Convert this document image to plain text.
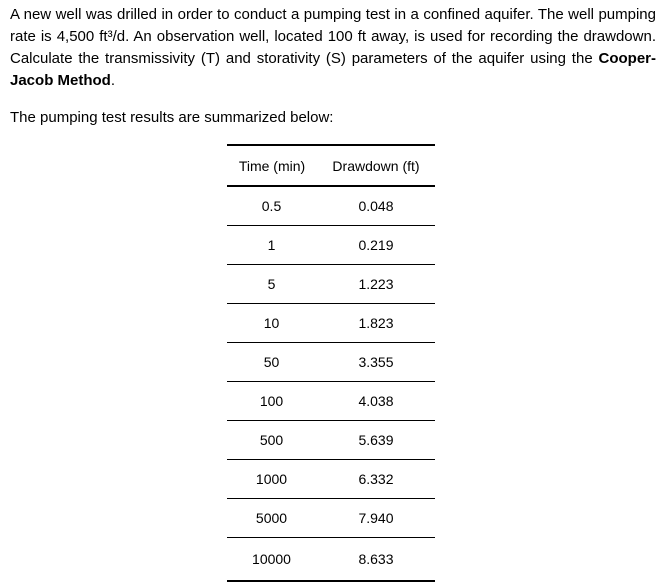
A new well was drilled in order to conduct a pumping test in a confined aquifer. The well pumping rate is 4,500 ft³/d. An observation well, located 100 ft away, is used for recording the drawdown. Calculate the transmissivity (T) and storativity (S) parameters of the aquifer using the Cooper-Jacob Method.

The pumping test results are summarized below:

Time (min)	Drawdown (ft)
0.5	0.048
1	0.219
5	1.223
10	1.823
50	3.355
100	4.038
500	5.639
1000	6.332
5000	7.940
10000	8.633
